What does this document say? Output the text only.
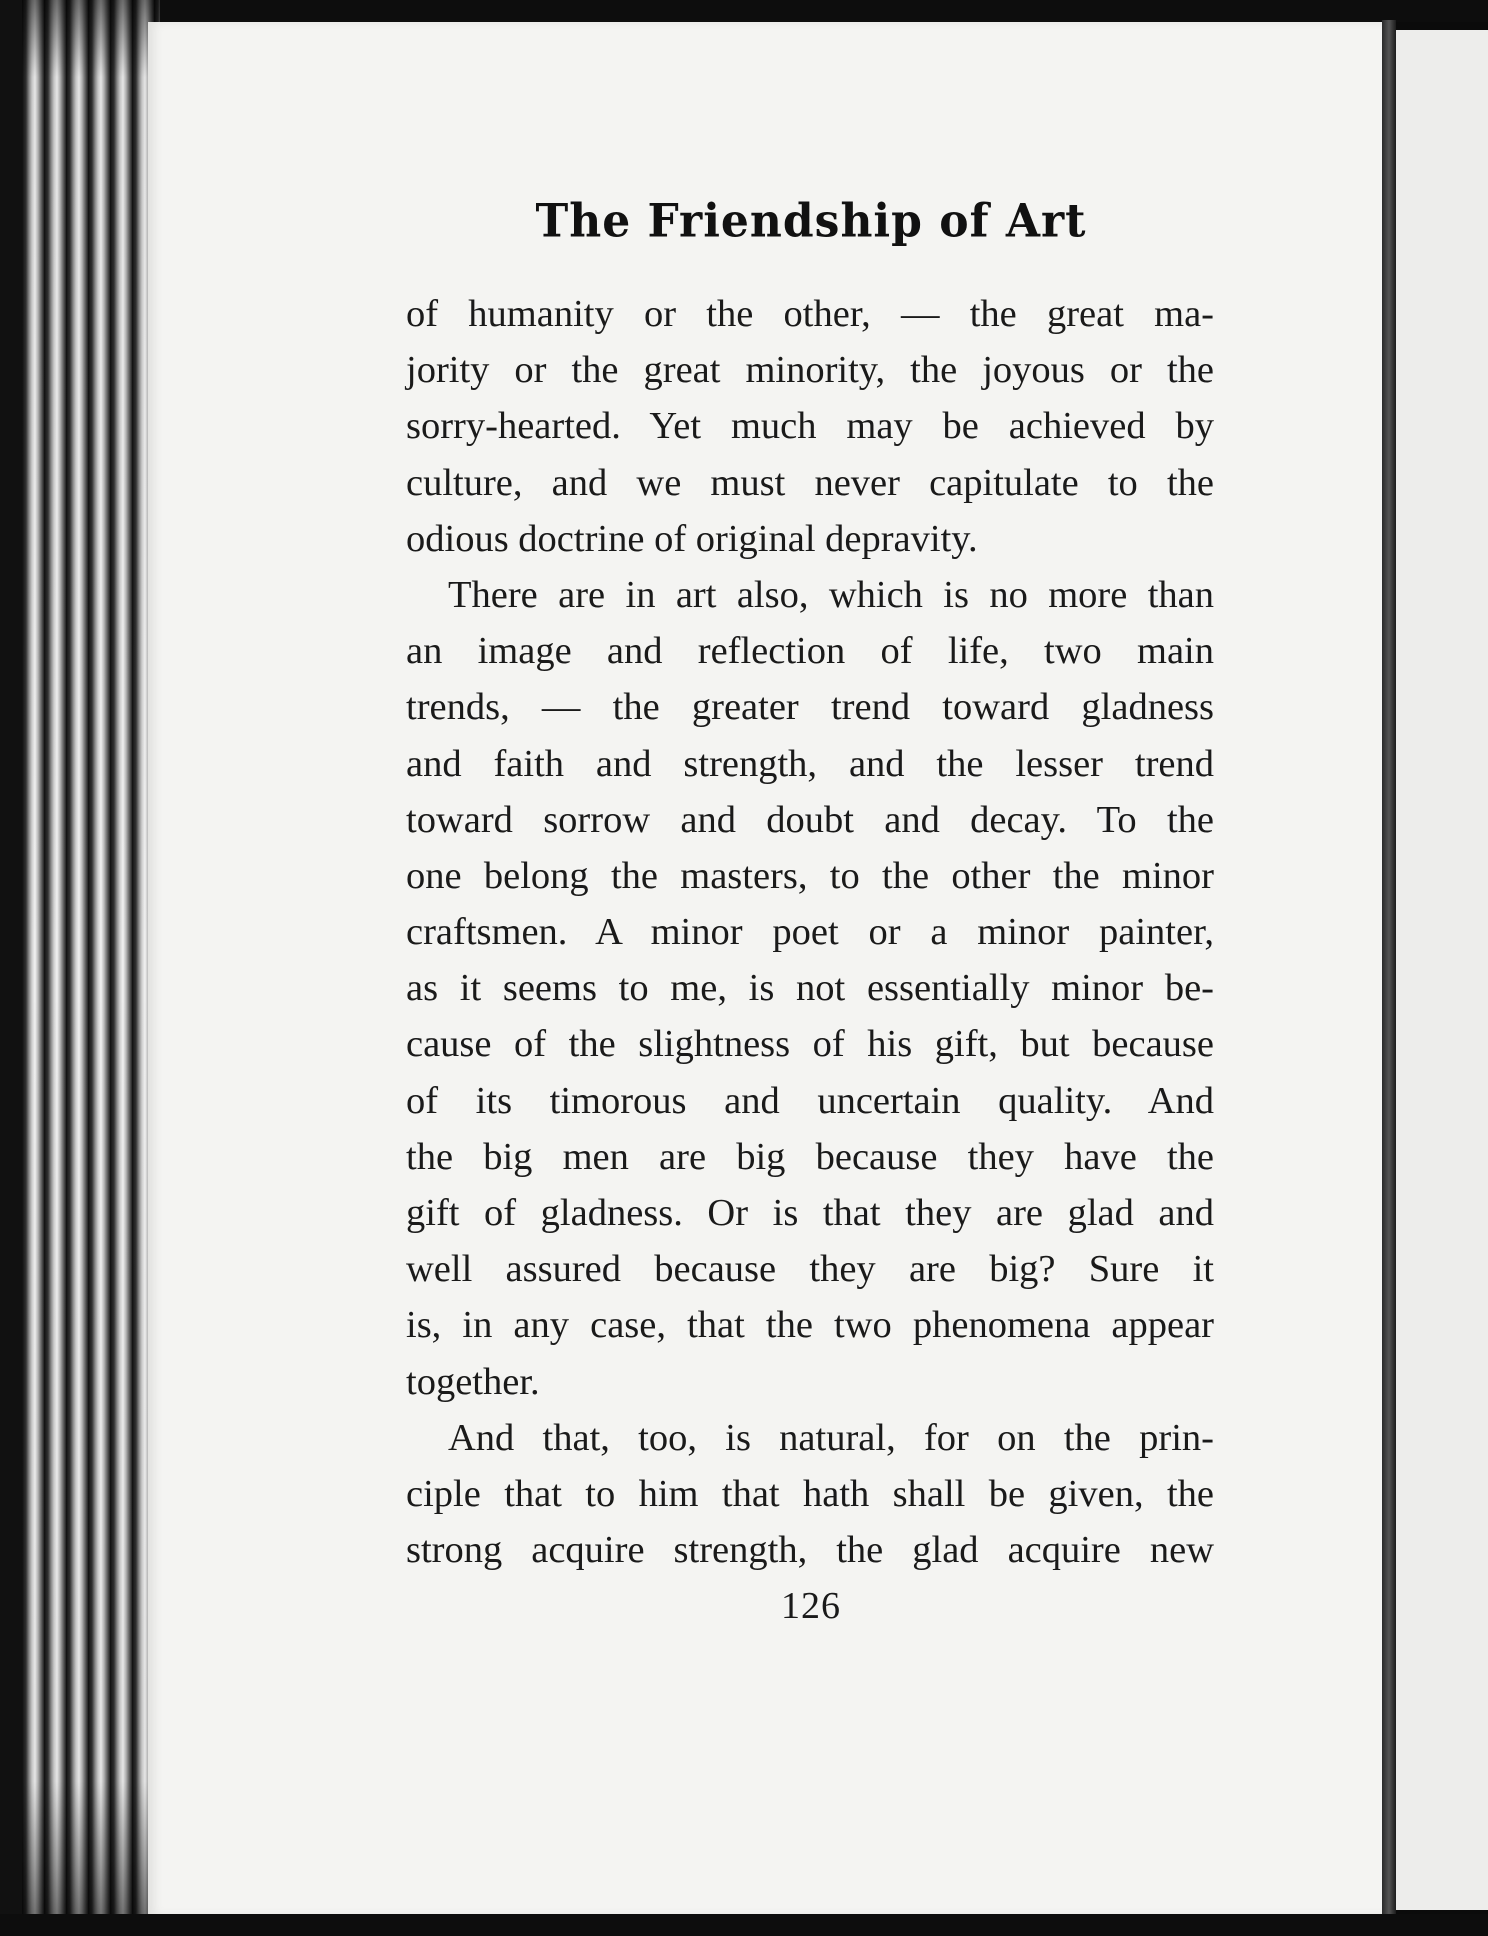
The Friendship of Art
of humanity or the other, — the great ma-
jority or the great minority, the joyous or the
sorry-hearted. Yet much may be achieved by
culture, and we must never capitulate to the
odious doctrine of original depravity.
There are in art also, which is no more than
an image and reflection of life, two main
trends, — the greater trend toward gladness
and faith and strength, and the lesser trend
toward sorrow and doubt and decay. To the
one belong the masters, to the other the minor
craftsmen. A minor poet or a minor painter,
as it seems to me, is not essentially minor be-
cause of the slightness of his gift, but because
of its timorous and uncertain quality. And
the big men are big because they have the
gift of gladness. Or is that they are glad and
well assured because they are big? Sure it
is, in any case, that the two phenomena appear
together.
And that, too, is natural, for on the prin-
ciple that to him that hath shall be given, the
strong acquire strength, the glad acquire new
126
